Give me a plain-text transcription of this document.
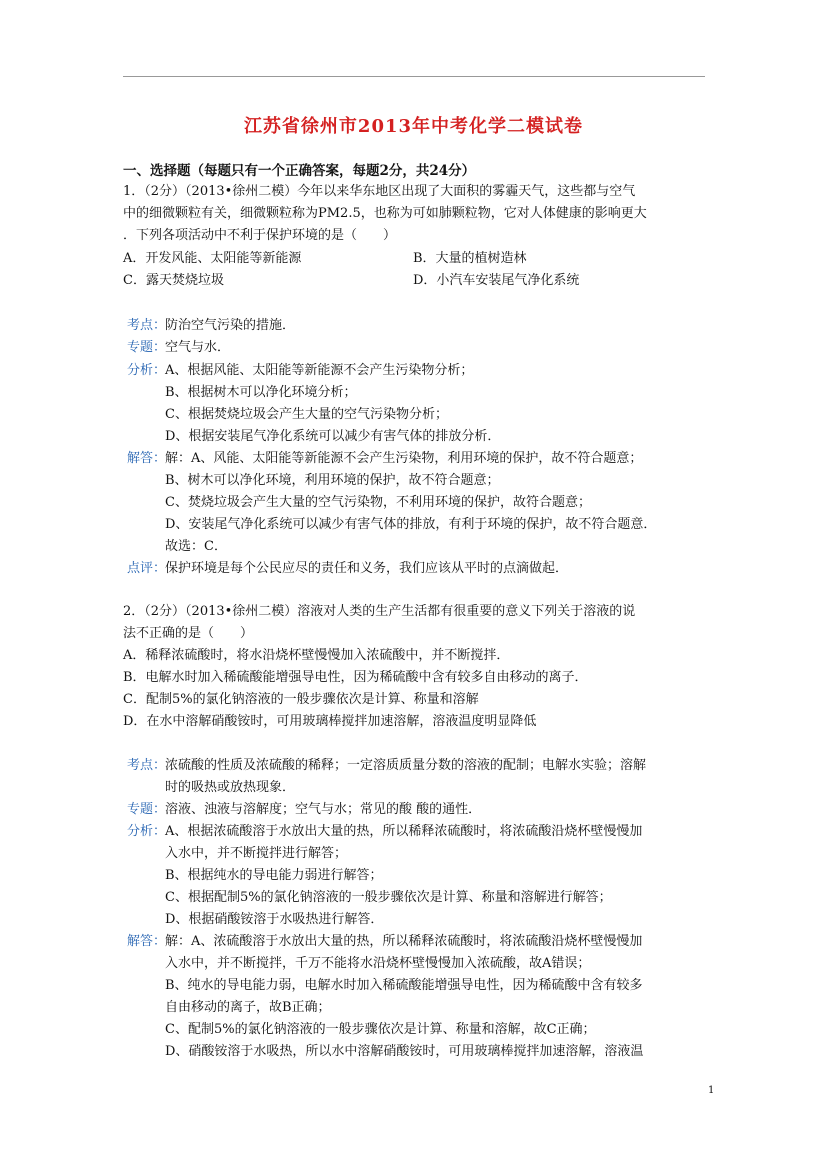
江苏省徐州市2013年中考化学二模试卷
一、选择题（每题只有一个正确答案，每题2分，共24分）
1．（2分）（2013•徐州二模）今年以来华东地区出现了大面积的雾霾天气，这些都与空气
中的细微颗粒有关，细微颗粒称为PM2.5，也称为可如肺颗粒物，它对人体健康的影响更大
．下列各项活动中不利于保护环境的是（　　）
A．开发风能、太阳能等新能源	B．大量的植树造林
C．露天焚烧垃圾	D．小汽车安装尾气净化系统
考点：
防治空气污染的措施．
专题：
空气与水．
分析：
A、根据风能、太阳能等新能源不会产生污染物分析；
B、根据树木可以净化环境分析；
C、根据焚烧垃圾会产生大量的空气污染物分析；
D、根据安装尾气净化系统可以减少有害气体的排放分析．
解答：
解：A、风能、太阳能等新能源不会产生污染物，利用环境的保护，故不符合题意；
B、树木可以净化环境，利用环境的保护，故不符合题意；
C、焚烧垃圾会产生大量的空气污染物，不利用环境的保护，故符合题意；
D、安装尾气净化系统可以减少有害气体的排放，有利于环境的保护，故不符合题意．
故选：C．
点评：
保护环境是每个公民应尽的责任和义务，我们应该从平时的点滴做起．
2．（2分）（2013•徐州二模）溶液对人类的生产生活都有很重要的意义下列关于溶液的说
法不正确的是（　　）
A．稀释浓硫酸时，将水沿烧杯壁慢慢加入浓硫酸中，并不断搅拌．
B．电解水时加入稀硫酸能增强导电性，因为稀硫酸中含有较多自由移动的离子．
C．配制5%的氯化钠溶液的一般步骤依次是计算、称量和溶解
D．在水中溶解硝酸铵时，可用玻璃棒搅拌加速溶解，溶液温度明显降低
考点：
浓硫酸的性质及浓硫酸的稀释；一定溶质质量分数的溶液的配制；电解水实验；溶解
时的吸热或放热现象．
专题：
溶液、浊液与溶解度；空气与水；常见的酸 酸的通性．
分析：
A、根据浓硫酸溶于水放出大量的热，所以稀释浓硫酸时，将浓硫酸沿烧杯壁慢慢加
入水中，并不断搅拌进行解答；
B、根据纯水的导电能力弱进行解答；
C、根据配制5%的氯化钠溶液的一般步骤依次是计算、称量和溶解进行解答；
D、根据硝酸铵溶于水吸热进行解答．
解答：
解：A、浓硫酸溶于水放出大量的热，所以稀释浓硫酸时，将浓硫酸沿烧杯壁慢慢加
入水中，并不断搅拌，千万不能将水沿烧杯壁慢慢加入浓硫酸，故A错误；
B、纯水的导电能力弱，电解水时加入稀硫酸能增强导电性，因为稀硫酸中含有较多
自由移动的离子，故B正确；
C、配制5%的氯化钠溶液的一般步骤依次是计算、称量和溶解，故C正确；
D、硝酸铵溶于水吸热，所以水中溶解硝酸铵时，可用玻璃棒搅拌加速溶解，溶液温
1
